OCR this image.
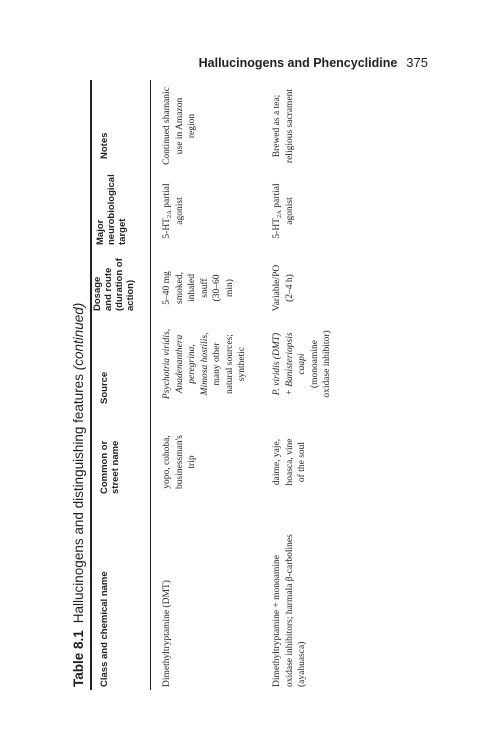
Hallucinogens and Phencyclidine 375
Table 8.1Hallucinogens and distinguishing features (continued)
Class and chemical name
Common or street name
Source
Dosage and route (duration of action)
Major neurobiological target
Notes
Dimethyltryptamine (DMT)
yopo, cohoba, businessman's trip
Psychotria viridis, Anadenanthera peregrina, Mimosa hostilis, many other natural sources; synthetic
5–40 mg smoked, inhaled snuff (30–60 min)
$5-HT_{2A}$ partial
agonist
Continued shamanic use in Amazon region
Dimethyltryptamine + monoamine oxidase inhibitors; harmala β-carbolines (ayahuasca)
daime, yaje, hoasca, vine of the soul
P. viridis (DMT) + Banisteriopsis caapi (monoamine oxidase inhibitor)
Variable/PO (2–4 h)
$5-HT_{2A}$ partial
agonist
Brewed as a tea; religious sacrament
